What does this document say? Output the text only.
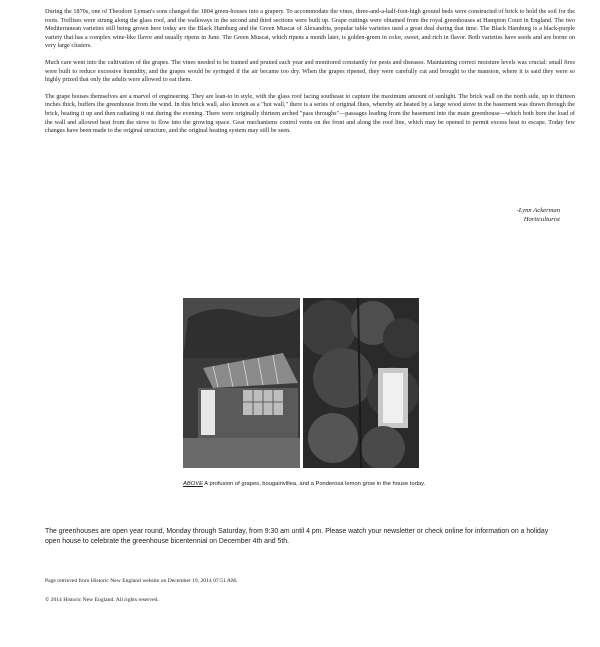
During the 1870s, one of Theodore Lyman's sons changed the 1804 green-houses into a grapery. To accommodate the vines, three-and-a-half-foot-high ground beds were constructed of brick to hold the soil for the roots. Trellises were strung along the glass roof, and the walkways in the second and third sections were built up. Grape cuttings were obtained from the royal greenhouses at Hampton Court in England. The two Mediterranean varieties still being grown here today are the Black Hamburg and the Green Muscat of Alexandria, popular table varieties used a great deal during that time. The Black Hamburg is a black-purple variety that has a complex wine-like flavor and usually ripens in June. The Green Muscat, which ripens a month later, is golden-green in color, sweet, and rich in flavor. Both varieties have seeds and are borne on very large clusters.

Much care went into the cultivation of the grapes. The vines needed to be trained and pruned each year and monitored constantly for pests and diseases. Maintaining correct moisture levels was crucial: small fires were built to reduce excessive humidity, and the grapes would be syringed if the air became too dry. When the grapes ripened, they were carefully cut and brought to the mansion, where it is said they were so highly prized that only the adults were allowed to eat them.

The grape houses themselves are a marvel of engineering. They are lean-to in style, with the glass roof facing southeast to capture the maximum amount of sunlight. The brick wall on the north side, up to thirteen inches thick, buffers the greenhouse from the wind. In this brick wall, also known as a "hot wall," there is a series of original flues, whereby air heated by a large wood stove in the basement was drawn through the brick, heating it up and then radiating it out during the evening. There were originally thirteen arched "pass throughs"—passages leading from the basement into the main greenhouse—which both bore the load of the wall and allowed heat from the stove to flow into the growing space. Gear mechanisms control vents on the front and along the roof line, which may be opened to permit excess heat to escape. Today few changes have been made to the original structure, and the original heating system may still be seen.

-Lynn Ackerman
Horticulturist
ABOVE A profusion of grapes, bougainvillea, and a Ponderosa lemon grow in the house today.
The greenhouses are open year round, Monday through Saturday, from 9:30 am until 4 pm. Please watch your newsletter or check online for information on a holiday open house to celebrate the greenhouse bicentennial on December 4th and 5th.
Page retrieved from Historic New England website on December 19, 2014 07:51 AM.
© 2014 Historic New England. All rights reserved.
